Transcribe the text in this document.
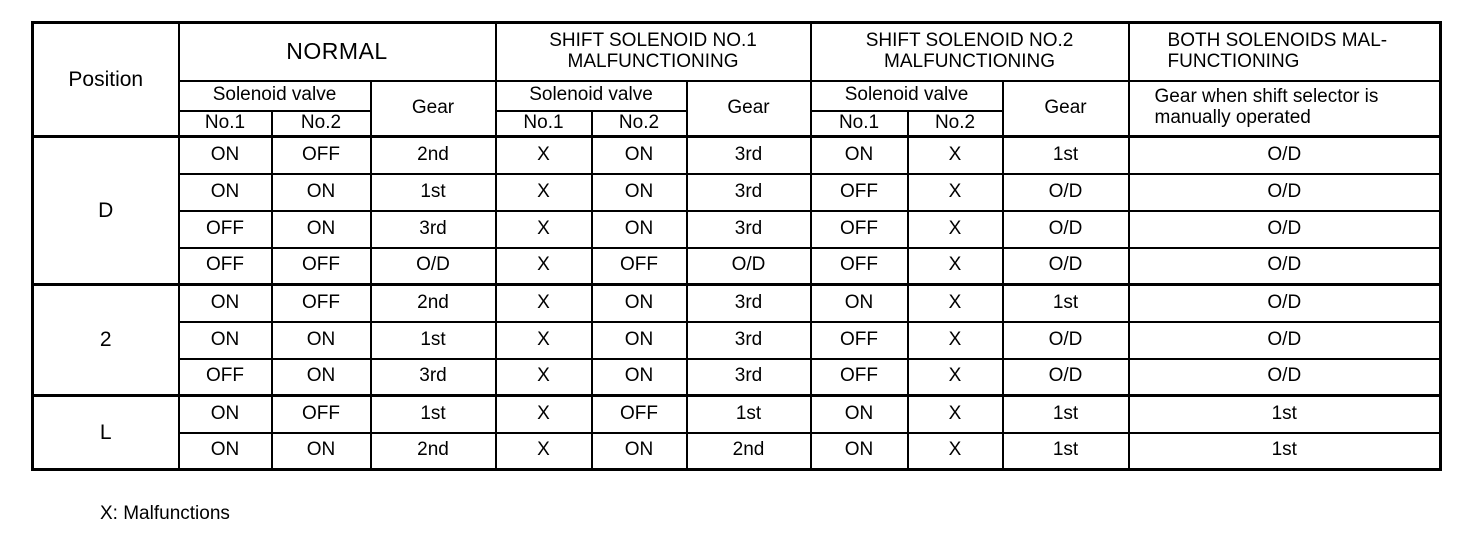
Position	NORMAL			SHIFT SOLENOID NO.1
MALFUNCTIONING			SHIFT SOLENOID NO.2
MALFUNCTIONING			BOTH SOLENOIDS MAL-
FUNCTIONING

	Solenoid valve		Gear	Solenoid valve		Gear	Solenoid valve		Gear	Gear when shift selector is
manually operated

	No.1	No.2		No.1	No.2		No.1	No.2		
D	ON	OFF	2nd	X	ON	3rd	ON	X	1st	O/D
	ON	ON	1st	X	ON	3rd	OFF	X	O/D	O/D
	OFF	ON	3rd	X	ON	3rd	OFF	X	O/D	O/D
	OFF	OFF	O/D	X	OFF	O/D	OFF	X	O/D	O/D
2	ON	OFF	2nd	X	ON	3rd	ON	X	1st	O/D
	ON	ON	1st	X	ON	3rd	OFF	X	O/D	O/D
	OFF	ON	3rd	X	ON	3rd	OFF	X	O/D	O/D
L	ON	OFF	1st	X	OFF	1st	ON	X	1st	1st
	ON	ON	2nd	X	ON	2nd	ON	X	1st	1st
X: Malfunctions
